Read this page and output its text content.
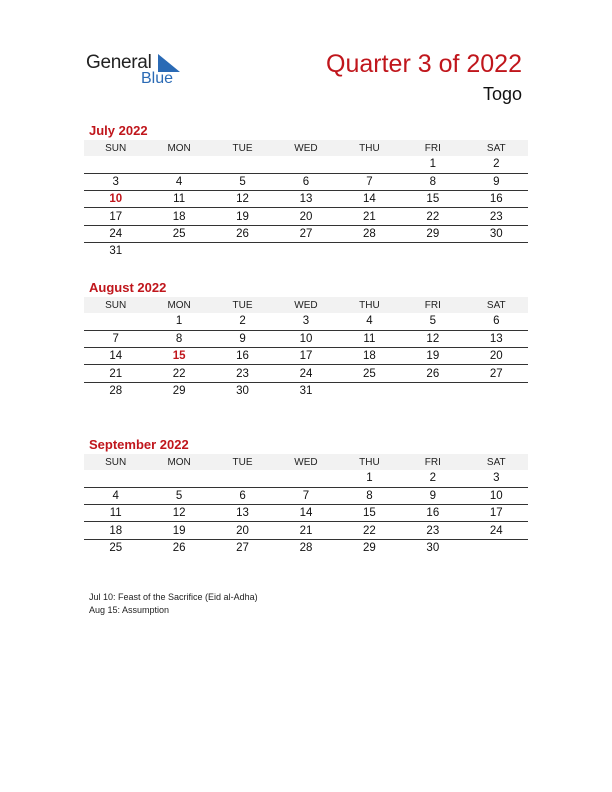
General
Blue
Quarter 3 of 2022
Togo
July 2022
SUN	MON	TUE	WED	THU	FRI	SAT
					1	2
3	4	5	6	7	8	9
10	11	12	13	14	15	16
17	18	19	20	21	22	23
24	25	26	27	28	29	30
31						
August 2022
SUN	MON	TUE	WED	THU	FRI	SAT
	1	2	3	4	5	6
7	8	9	10	11	12	13
14	15	16	17	18	19	20
21	22	23	24	25	26	27
28	29	30	31			
September 2022
SUN	MON	TUE	WED	THU	FRI	SAT
				1	2	3
4	5	6	7	8	9	10
11	12	13	14	15	16	17
18	19	20	21	22	23	24
25	26	27	28	29	30	
Jul 10: Feast of the Sacrifice (Eid al-Adha)
Aug 15: Assumption
